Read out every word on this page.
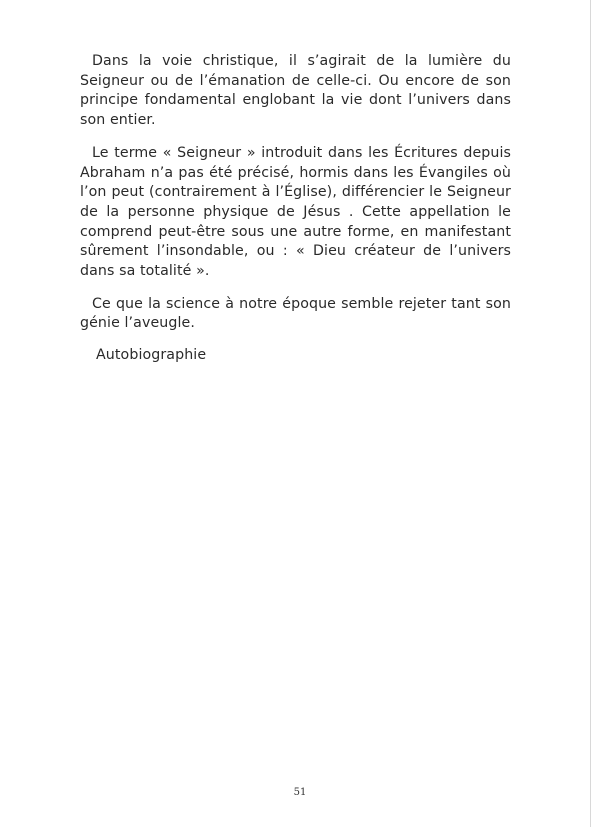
Dans la voie christique, il s’agirait de la lumière du Seigneur ou de l’émanation de celle-ci. Ou encore de son principe fondamental englobant la vie dont l’univers dans son entier.

Le terme « Seigneur » introduit dans les Écritures depuis Abraham n’a pas été précisé, hormis dans les Évangiles où l’on peut (contrairement à l’Église), différencier le Seigneur de la personne physique de Jésus . Cette appellation le comprend peut-être sous une autre forme, en manifestant sûrement l’insondable, ou : « Dieu créateur de l’univers dans sa totalité ».

Ce que la science à notre époque semble rejeter tant son génie l’aveugle.

Autobiographie

51
